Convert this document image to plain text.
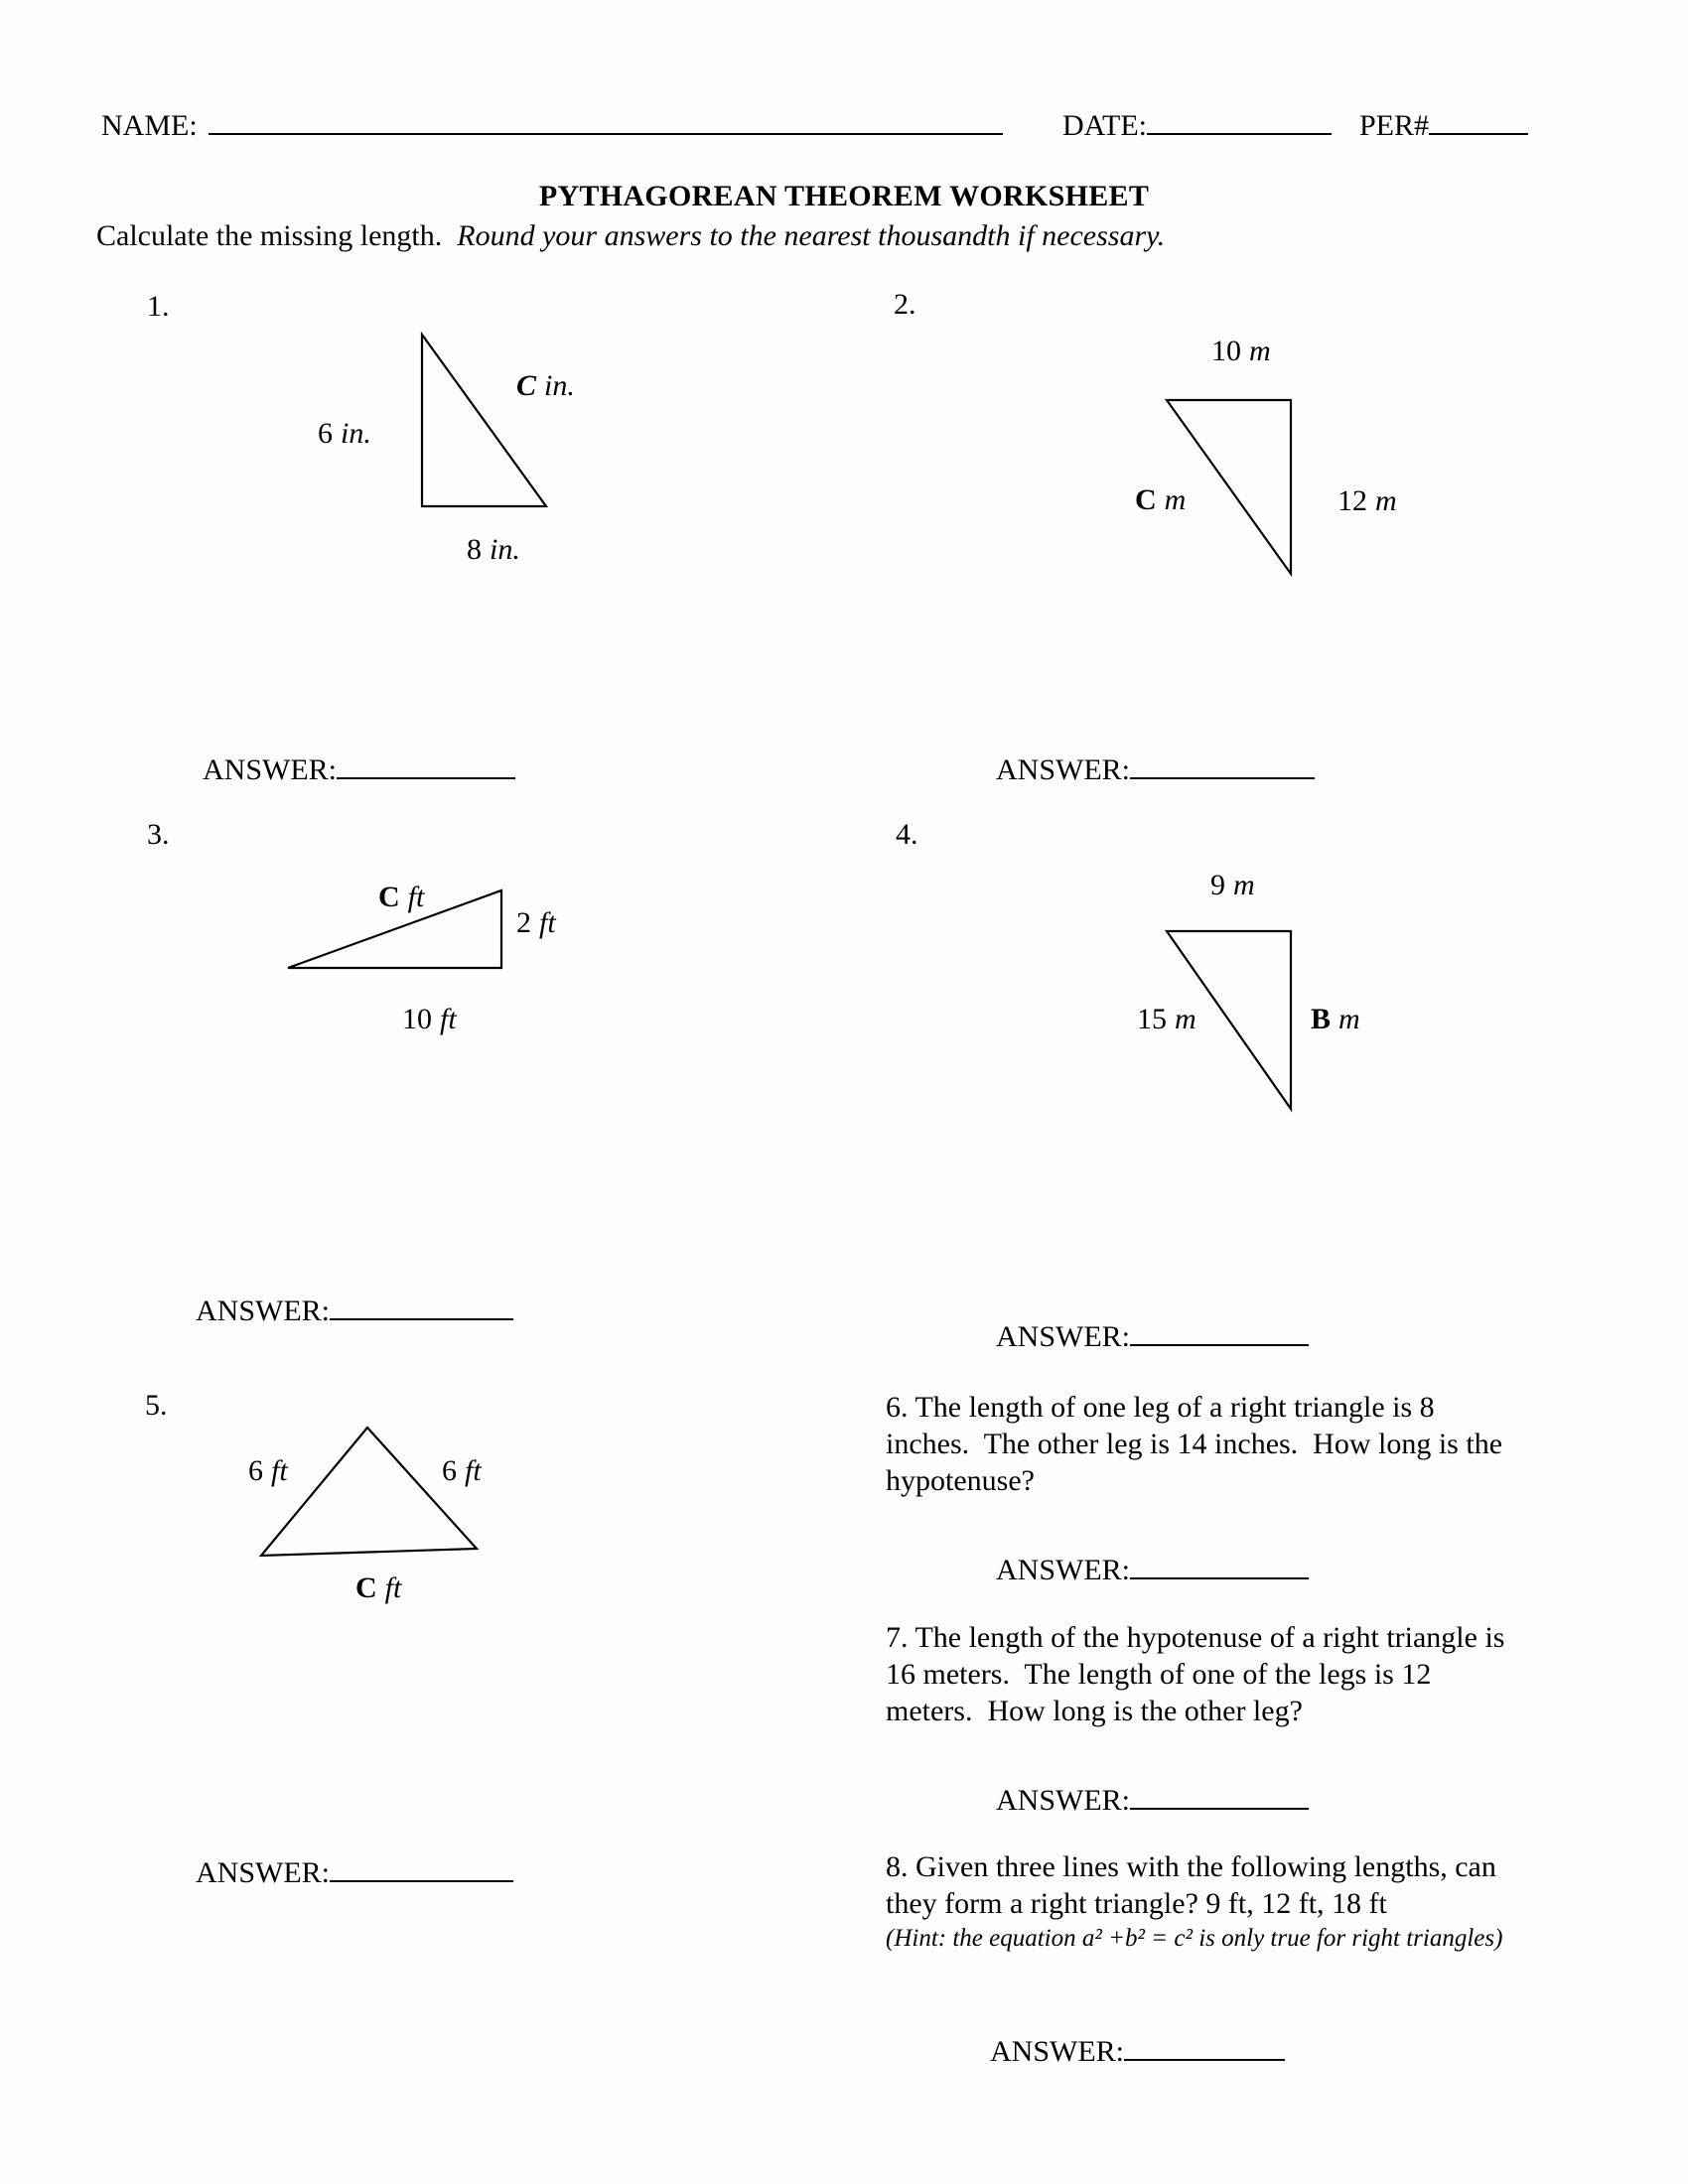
NAME:	DATE:	PER#
PYTHAGOREAN THEOREM WORKSHEET
Calculate the missing length. Round your answers to the nearest thousandth if necessary.
1.
6 in.
C in.
8 in.
2.
10 m
C m	12 m
ANSWER:	ANSWER:
3.
C ft
2 ft
10 ft
4.
9 m
15 m	B m
ANSWER:
ANSWER:
5.
6 ft	6 ft
C ft
6. The length of one leg of a right triangle is 8
inches.  The other leg is 14 inches.  How long is the
hypotenuse?
ANSWER:
7. The length of the hypotenuse of a right triangle is
16 meters.  The length of one of the legs is 12
meters.  How long is the other leg?
ANSWER:
ANSWER:	8. Given three lines with the following lengths, can
they form a right triangle? 9 ft, 12 ft, 18 ft
(Hint: the equation a² +b² = c² is only true for right triangles)
ANSWER:
